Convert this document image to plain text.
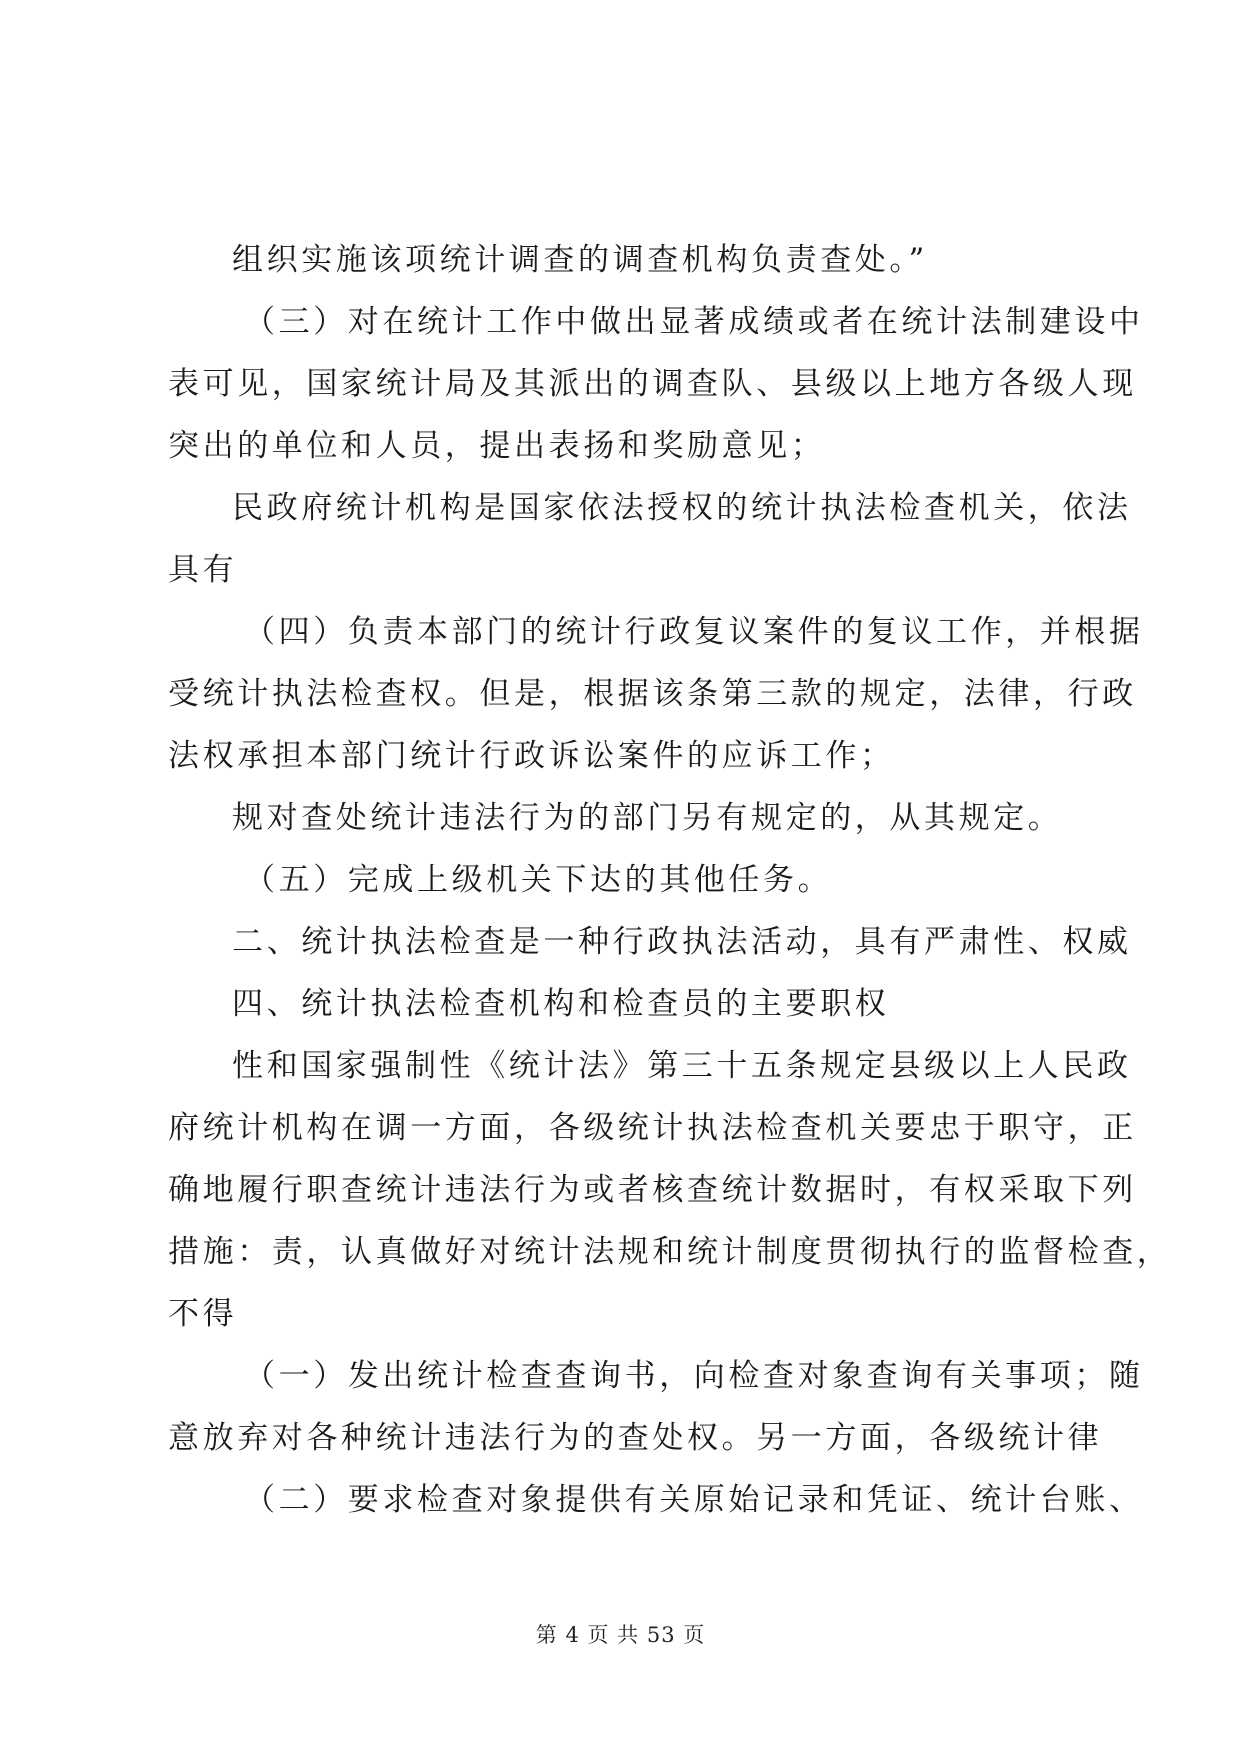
组织实施该项统计调查的调查机构负责查处。”
（三）对在统计工作中做出显著成绩或者在统计法制建设中
表可见，国家统计局及其派出的调查队、县级以上地方各级人现
突出的单位和人员，提出表扬和奖励意见；
民政府统计机构是国家依法授权的统计执法检查机关，依法
具有
（四）负责本部门的统计行政复议案件的复议工作，并根据
受统计执法检查权。但是，根据该条第三款的规定，法律，行政
法权承担本部门统计行政诉讼案件的应诉工作；
规对查处统计违法行为的部门另有规定的，从其规定。
（五）完成上级机关下达的其他任务。
二、统计执法检查是一种行政执法活动，具有严肃性、权威
四、统计执法检查机构和检查员的主要职权
性和国家强制性《统计法》第三十五条规定县级以上人民政
府统计机构在调一方面，各级统计执法检查机关要忠于职守，正
确地履行职查统计违法行为或者核查统计数据时，有权采取下列
措施：责，认真做好对统计法规和统计制度贯彻执行的监督检查，
不得
（一）发出统计检查查询书，向检查对象查询有关事项；随
意放弃对各种统计违法行为的查处权。另一方面，各级统计律
（二）要求检查对象提供有关原始记录和凭证、统计台账、
第 4 页 共 53 页
